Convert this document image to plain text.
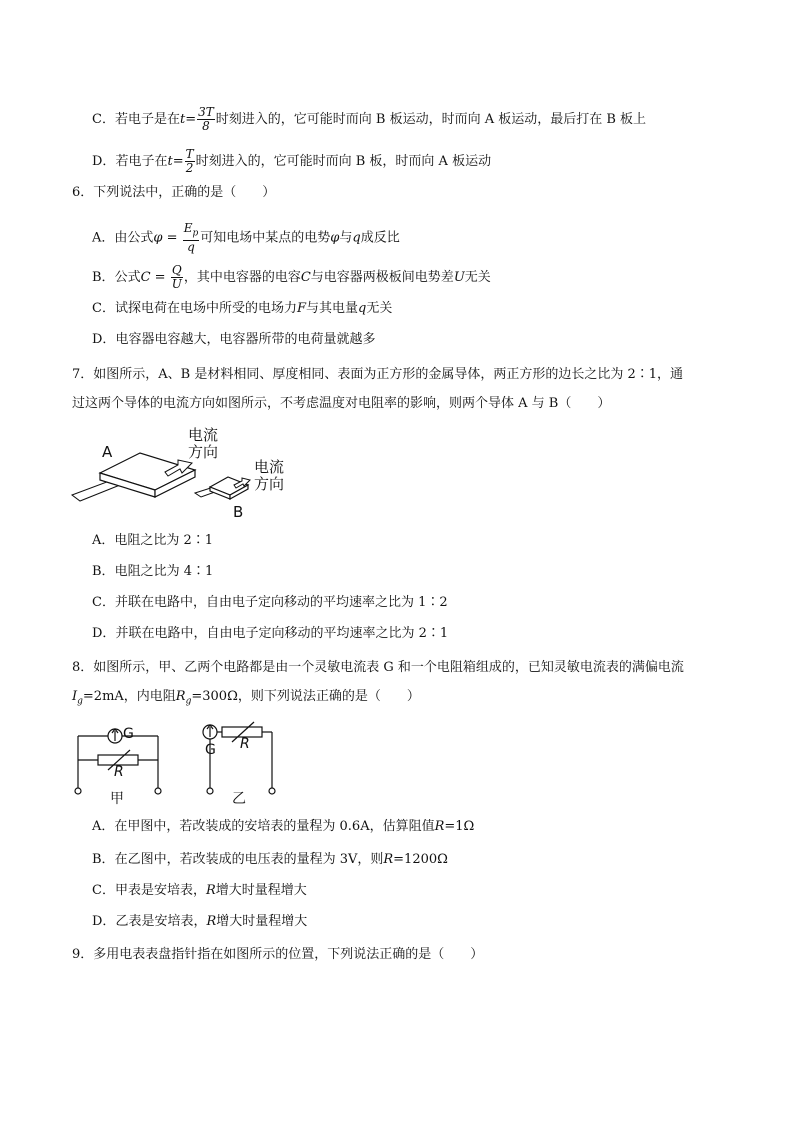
C．若电子是在$t= \frac{3T}{8}$ 时刻进入的，它可能时而向 B 板运动，时而向 A 板运动，最后打在 B 板上
D．若电子在$t= \frac{T}{2}$ 时刻进入的，它可能时而向 B 板，时而向 A 板运动
6．下列说法中，正确的是（　　）
A．由公式$\varphi = \frac{E_p}{q}$ 可知电场中某点的电势φ与q成反比
B．公式$C = \frac{Q}{U}$ ，其中电容器的电容C与电容器两极板间电势差U无关
C．试探电荷在电场中所受的电场力F与其电量q无关
D．电容器电容越大，电容器所带的电荷量就越多
7．如图所示，A、B 是材料相同、厚度相同、表面为正方形的金属导体，两正方形的边长之比为 2∶1，通
过这两个导体的电流方向如图所示，不考虑温度对电阻率的影响，则两个导体 A 与 B（　　）
A
B
电流
方向
电流
方向
A．电阻之比为 2∶1
B．电阻之比为 4∶1
C．并联在电路中，自由电子定向移动的平均速率之比为 1∶2
D．并联在电路中，自由电子定向移动的平均速率之比为 2∶1
8．如图所示，甲、乙两个电路都是由一个灵敏电流表 G 和一个电阻箱组成的，已知灵敏电流表的满偏电流
$I_g=2mA$，内电阻$R_g=300\Omega$，则下列说法正确的是（　　）
G
R
G R
甲	乙
A．在甲图中，若改装成的安培表的量程为 0.6A，估算阻值R=1Ω
B．在乙图中，若改装成的电压表的量程为 3V，则R=1200Ω
C．甲表是安培表，R增大时量程增大
D．乙表是安培表，R增大时量程增大
9．多用电表表盘指针指在如图所示的位置，下列说法正确的是（　　）
